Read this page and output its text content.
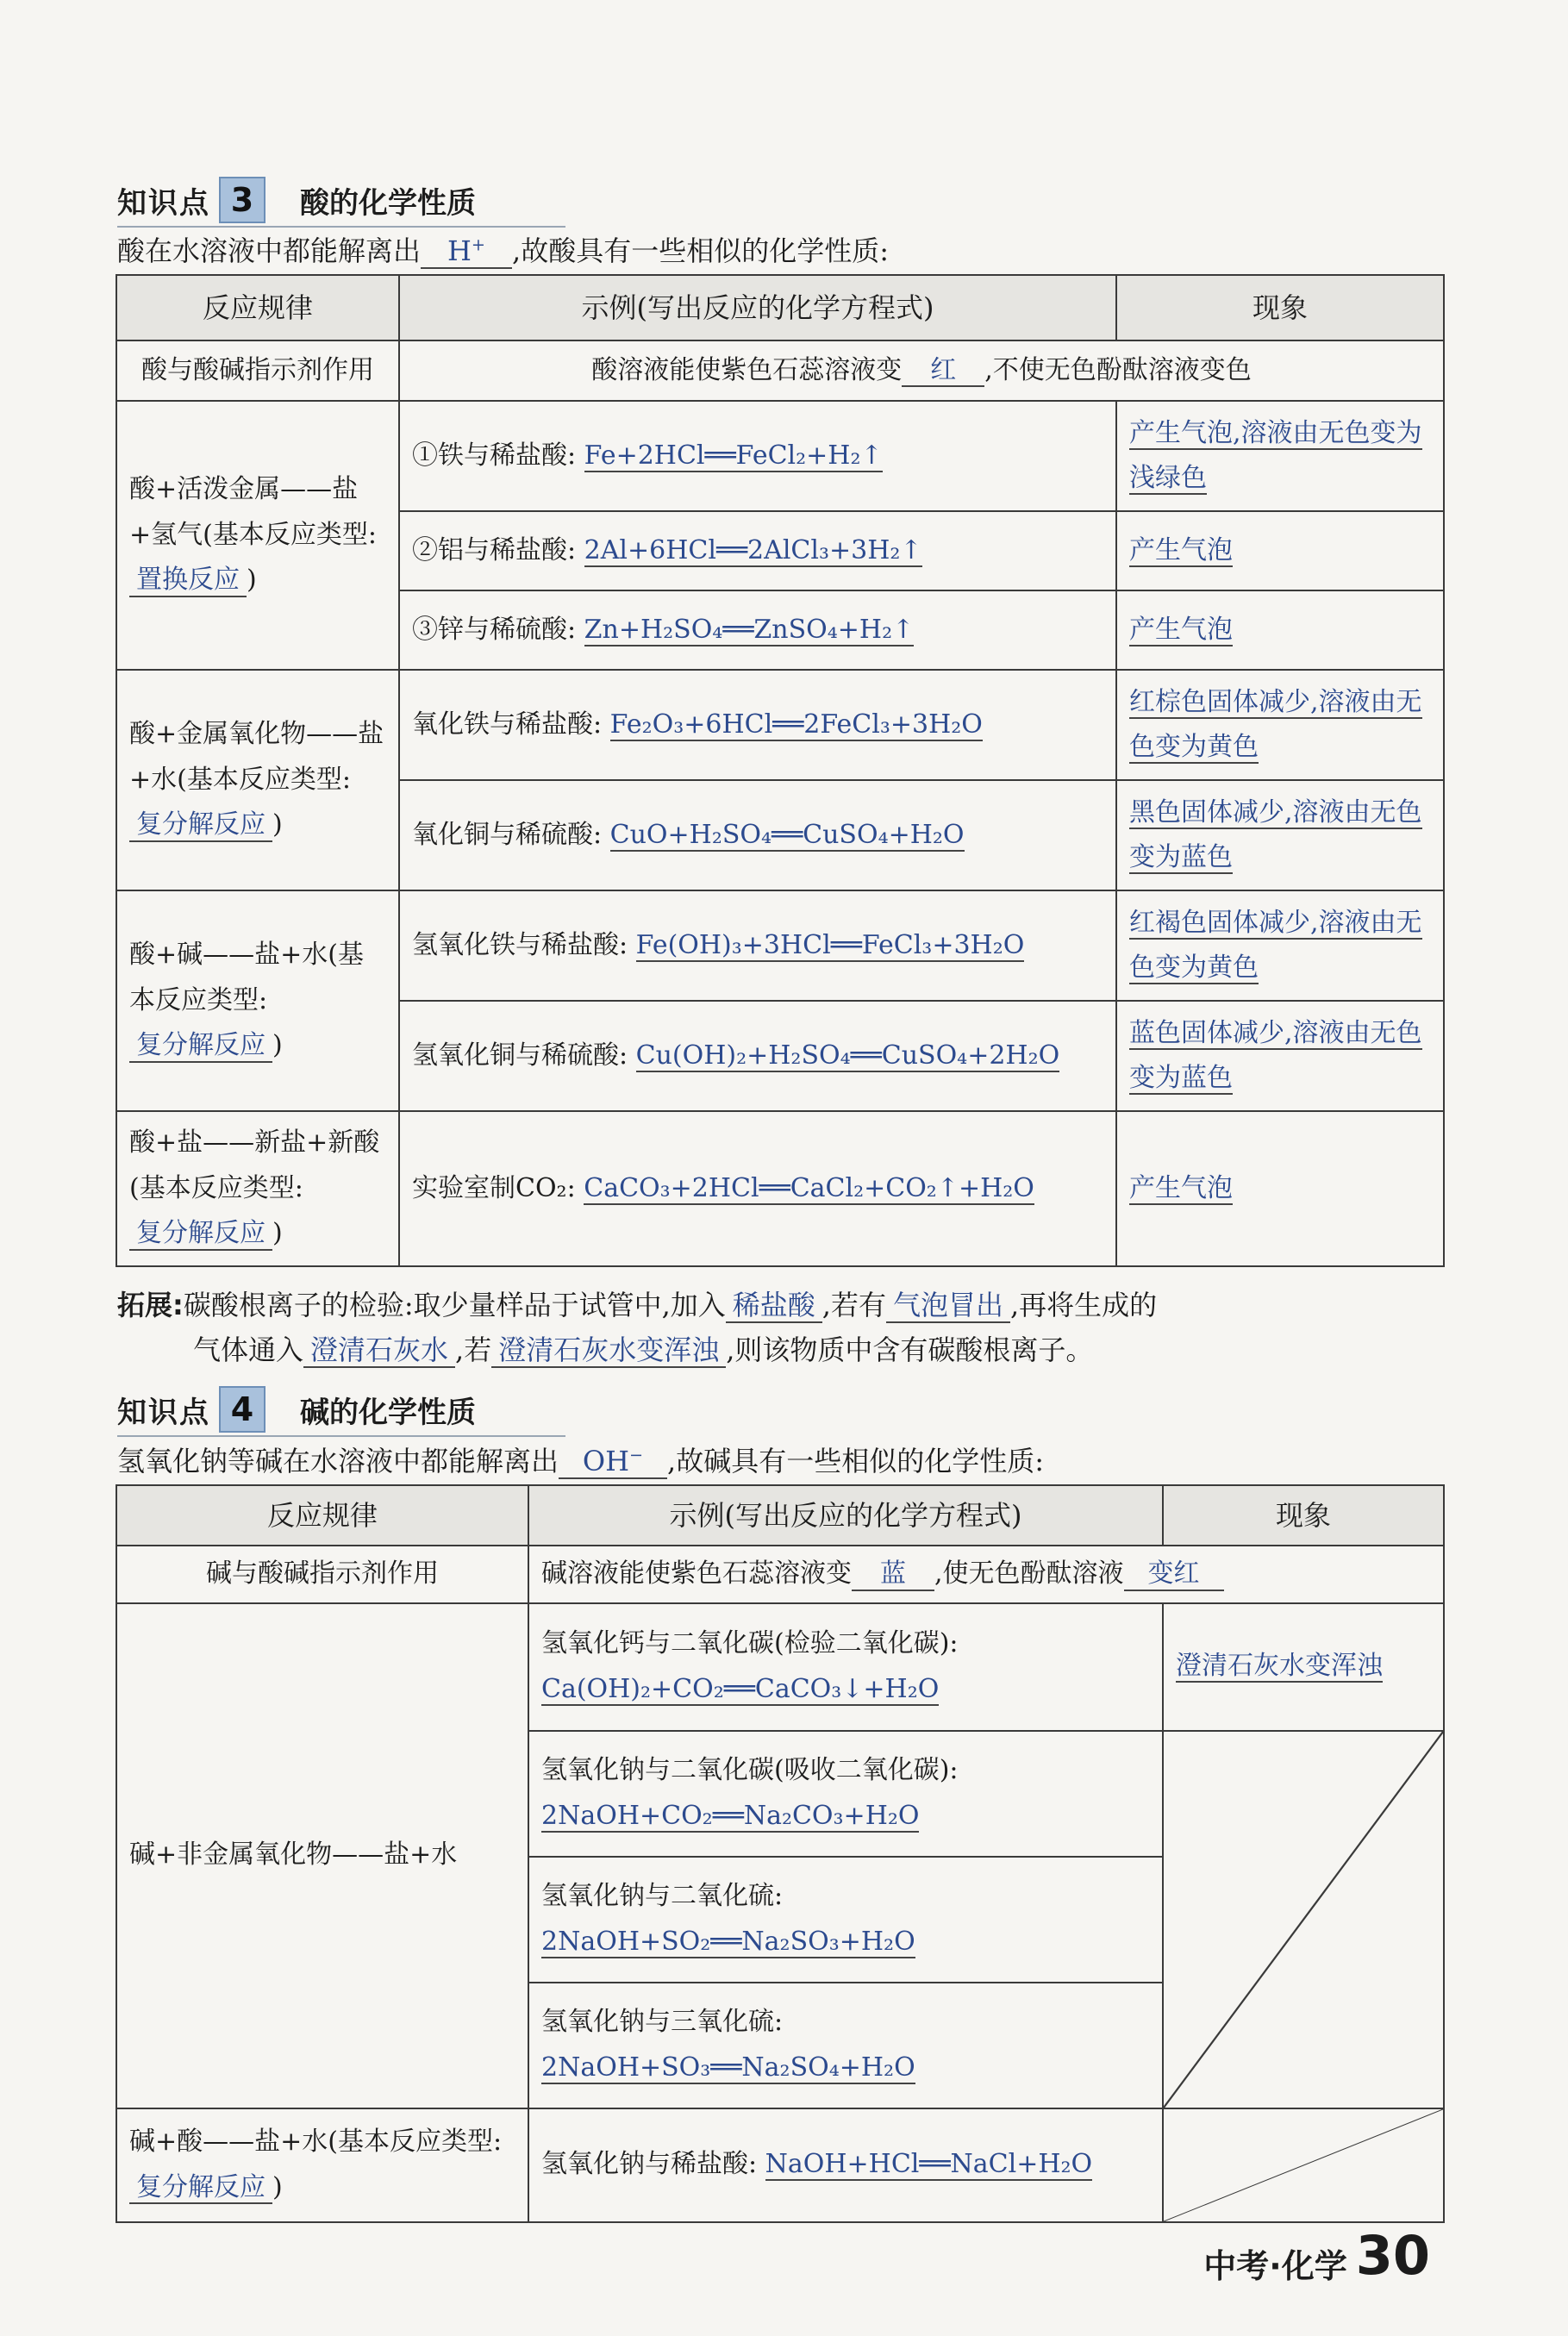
知识点 3	酸的化学性质
酸在水溶液中都能解离出 H+ ,故酸具有一些相似的化学性质:
反应规律	示例(写出反应的化学方程式)	现象
酸与酸碱指示剂作用	酸溶液能使紫色石蕊溶液变 红 ,不使无色酚酞溶液变色	
酸+活泼金属——盐+氢气(基本反应类型:置换反应 )	①铁与稀盐酸: Fe+2HCl══FeCl₂+H₂↑	产生气泡,溶液由无色变为浅绿色
	②铝与稀盐酸: 2Al+6HCl══2AlCl₃+3H₂↑	产生气泡
	③锌与稀硫酸: Zn+H₂SO₄══ZnSO₄+H₂↑	产生气泡
酸+金属氧化物——盐+水(基本反应类型:复分解反应 )	氧化铁与稀盐酸: Fe₂O₃+6HCl══2FeCl₃+3H₂O	红棕色固体减少,溶液由无色变为黄色
	氧化铜与稀硫酸: CuO+H₂SO₄══CuSO₄+H₂O	黑色固体减少,溶液由无色变为蓝色
酸+碱——盐+水(基本反应类型:复分解反应 )	氢氧化铁与稀盐酸: Fe(OH)₃+3HCl══FeCl₃+3H₂O	红褐色固体减少,溶液由无色变为黄色
	氢氧化铜与稀硫酸: Cu(OH)₂+H₂SO₄══CuSO₄+2H₂O	蓝色固体减少,溶液由无色变为蓝色
酸+盐——新盐+新酸(基本反应类型:复分解反应 )	实验室制CO₂: CaCO₃+2HCl══CaCl₂+CO₂↑+H₂O	产生气泡
拓展:碳酸根离子的检验:取少量样品于试管中,加入 稀盐酸 ,若有 气泡冒出 ,再将生成的
气体通入 澄清石灰水 ,若 澄清石灰水变浑浊 ,则该物质中含有碳酸根离子。
知识点 4	碱的化学性质
氢氧化钠等碱在水溶液中都能解离出 OH− ,故碱具有一些相似的化学性质:
反应规律	示例(写出反应的化学方程式)	现象
碱与酸碱指示剂作用	碱溶液能使紫色石蕊溶液变 蓝 ,使无色酚酞溶液 变红	
碱+非金属氧化物——盐+水	氢氧化钙与二氧化碳(检验二氧化碳):
Ca(OH)₂+CO₂══CaCO₃↓+H₂O	澄清石灰水变浑浊
	氢氧化钠与二氧化碳(吸收二氧化碳):
2NaOH+CO₂══Na₂CO₃+H₂O	

	氢氧化钠与二氧化硫:
2NaOH+SO₂══Na₂SO₃+H₂O	
	氢氧化钠与三氧化硫:
2NaOH+SO₃══Na₂SO₄+H₂O	
碱+酸——盐+水(基本反应类型:复分解反应 )	氢氧化钠与稀盐酸: NaOH+HCl══NaCl+H₂O	
中考·化学 30
